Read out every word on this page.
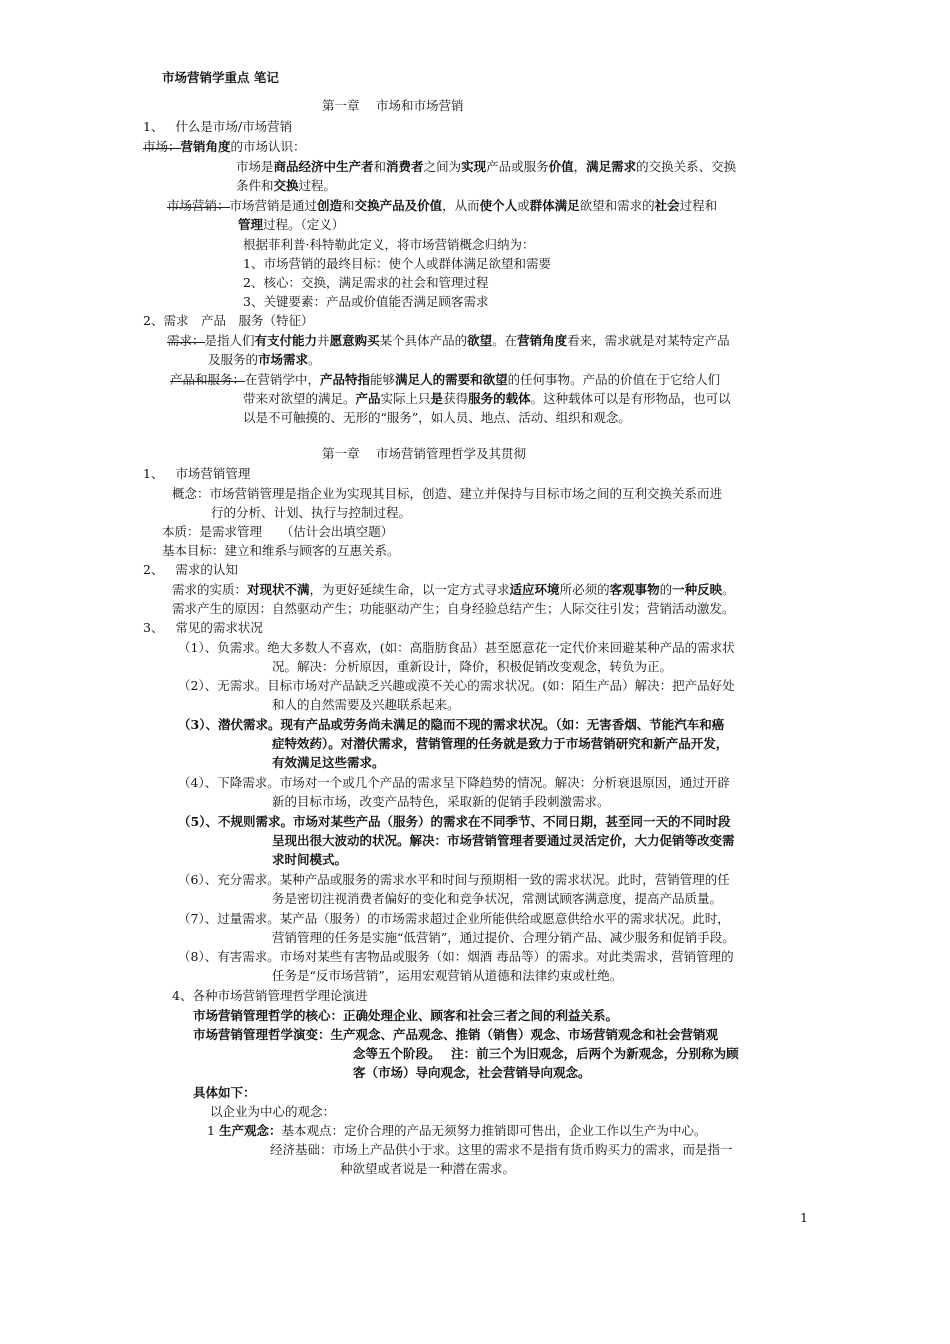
市场营销学重点 笔记
第一章　 市场和市场营销
1、 什么是市场/市场营销
市场：营销角度的市场认识：
市场是商品经济中生产者和消费者之间为实现产品或服务价值，满足需求的交换关系、交换
条件和交换过程。
市场营销：市场营销是通过创造和交换产品及价值，从而使个人或群体满足欲望和需求的社会过程和
管理过程。（定义）
根据菲利普·科特勒此定义，将市场营销概念归纳为：
1、市场营销的最终目标：使个人或群体满足欲望和需要
2、核心：交换，满足需求的社会和管理过程
3、关键要素：产品或价值能否满足顾客需求
2、需求　产品　服务（特征）
需求：是指人们有支付能力并愿意购买某个具体产品的欲望。在营销角度看来，需求就是对某特定产品
及服务的市场需求。
产品和服务：在营销学中，产品特指能够满足人的需要和欲望的任何事物。产品的价值在于它给人们
带来对欲望的满足。产品实际上只是获得服务的载体。这种载体可以是有形物品，也可以
以是不可触摸的、无形的“服务”，如人员、地点、活动、组织和观念。
第一章　 市场营销管理哲学及其贯彻
1、 市场营销管理
概念：市场营销管理是指企业为实现其目标，创造、建立并保持与目标市场之间的互利交换关系而进
行的分析、计划、执行与控制过程。
本质：是需求管理　　（估计会出填空题）
基本目标：建立和维系与顾客的互惠关系。
2、 需求的认知
需求的实质：对现状不满，为更好延续生命，以一定方式寻求适应环境所必须的客观事物的一种反映。
需求产生的原因：自然驱动产生；功能驱动产生；自身经验总结产生；人际交往引发；营销活动激发。
3、 常见的需求状况
（1）、负需求。绝大多数人不喜欢，(如：高脂肪食品）甚至愿意花一定代价来回避某种产品的需求状
况。解决：分析原因，重新设计，降价，积极促销改变观念，转负为正。
（2）、无需求。目标市场对产品缺乏兴趣或漠不关心的需求状况。(如：陌生产品）解决：把产品好处
和人的自然需要及兴趣联系起来。
（3）、潜伏需求。现有产品或劳务尚未满足的隐而不现的需求状况。（如：无害香烟、节能汽车和癌
症特效药）。对潜伏需求，营销管理的任务就是致力于市场营销研究和新产品开发，
有效满足这些需求。
（4）、下降需求。市场对一个或几个产品的需求呈下降趋势的情况。解决：分析衰退原因，通过开辟
新的目标市场，改变产品特色，采取新的促销手段刺激需求。
（5）、不规则需求。市场对某些产品（服务）的需求在不同季节、不同日期，甚至同一天的不同时段
呈现出很大波动的状况。解决：市场营销管理者要通过灵活定价，大力促销等改变需
求时间模式。
（6）、充分需求。某种产品或服务的需求水平和时间与预期相一致的需求状况。此时，营销管理的任
务是密切注视消费者偏好的变化和竞争状况，常测试顾客满意度，提高产品质量。
（7）、过量需求。某产品（服务）的市场需求超过企业所能供给或愿意供给水平的需求状况。此时，
营销管理的任务是实施“低营销”，通过提价、合理分销产品、减少服务和促销手段。
（8）、有害需求。市场对某些有害物品或服务（如：烟酒 毒品等）的需求。对此类需求，营销管理的
任务是“反市场营销”，运用宏观营销从道德和法律约束或杜绝。
4、各种市场营销管理哲学理论演进
市场营销管理哲学的核心：正确处理企业、顾客和社会三者之间的利益关系。
市场营销管理哲学演变：生产观念、产品观念、推销（销售）观念、市场营销观念和社会营销观
念等五个阶段。　 注：前三个为旧观念，后两个为新观念，分别称为顾
客（市场）导向观念，社会营销导向观念。
具体如下：
以企业为中心的观念：
1 生产观念：基本观点：定价合理的产品无须努力推销即可售出，企业工作以生产为中心。
经济基础：市场上产品供小于求。这里的需求不是指有货币购买力的需求，而是指一
种欲望或者说是一种潜在需求。
1
